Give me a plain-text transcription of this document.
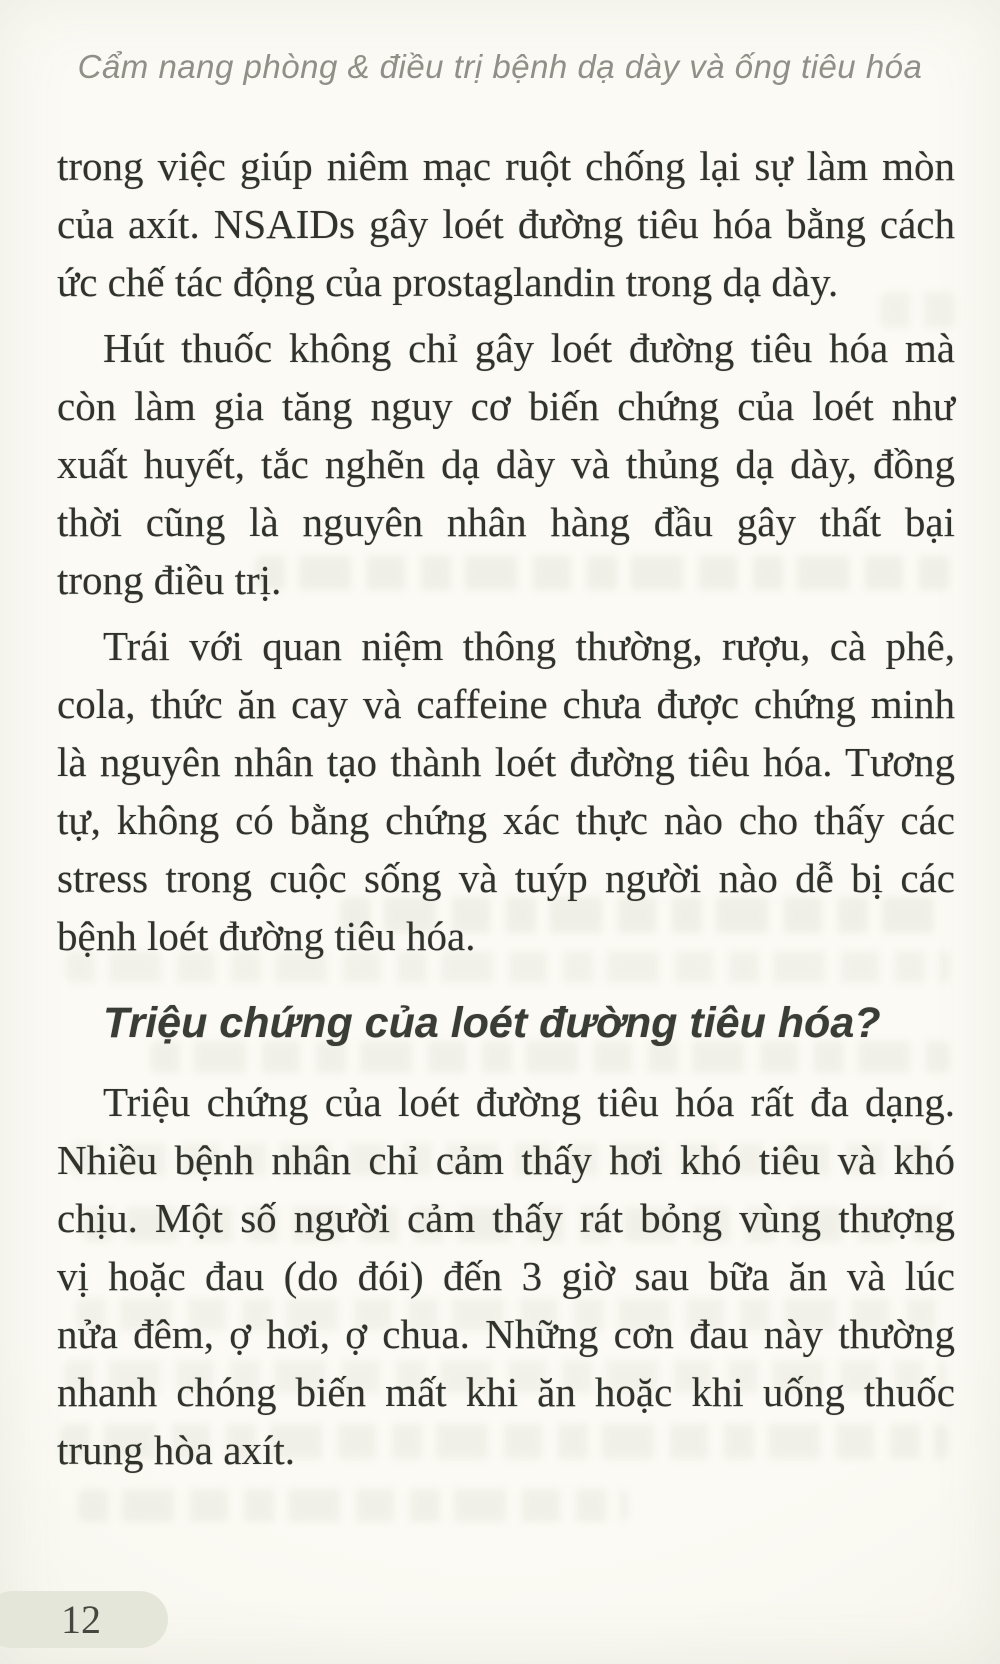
Cẩm nang phòng & điều trị bệnh dạ dày và ống tiêu hóa
trong việc giúp niêm mạc ruột chống lại sự làm mòn
của axít. NSAIDs gây loét đường tiêu hóa bằng cách
ức chế tác động của prostaglandin trong dạ dày.
Hút thuốc không chỉ gây loét đường tiêu hóa mà
còn làm gia tăng nguy cơ biến chứng của loét như
xuất huyết, tắc nghẽn dạ dày và thủng dạ dày, đồng
thời cũng là nguyên nhân hàng đầu gây thất bại
trong điều trị.
Trái với quan niệm thông thường, rượu, cà phê,
cola, thức ăn cay và caffeine chưa được chứng minh
là nguyên nhân tạo thành loét đường tiêu hóa. Tương
tự, không có bằng chứng xác thực nào cho thấy các
stress trong cuộc sống và tuýp người nào dễ bị các
bệnh loét đường tiêu hóa.
Triệu chứng của loét đường tiêu hóa?
Triệu chứng của loét đường tiêu hóa rất đa dạng.
Nhiều bệnh nhân chỉ cảm thấy hơi khó tiêu và khó
chịu. Một số người cảm thấy rát bỏng vùng thượng
vị hoặc đau (do đói) đến 3 giờ sau bữa ăn và lúc
nửa đêm, ợ hơi, ợ chua. Những cơn đau này thường
nhanh chóng biến mất khi ăn hoặc khi uống thuốc
trung hòa axít.
12
